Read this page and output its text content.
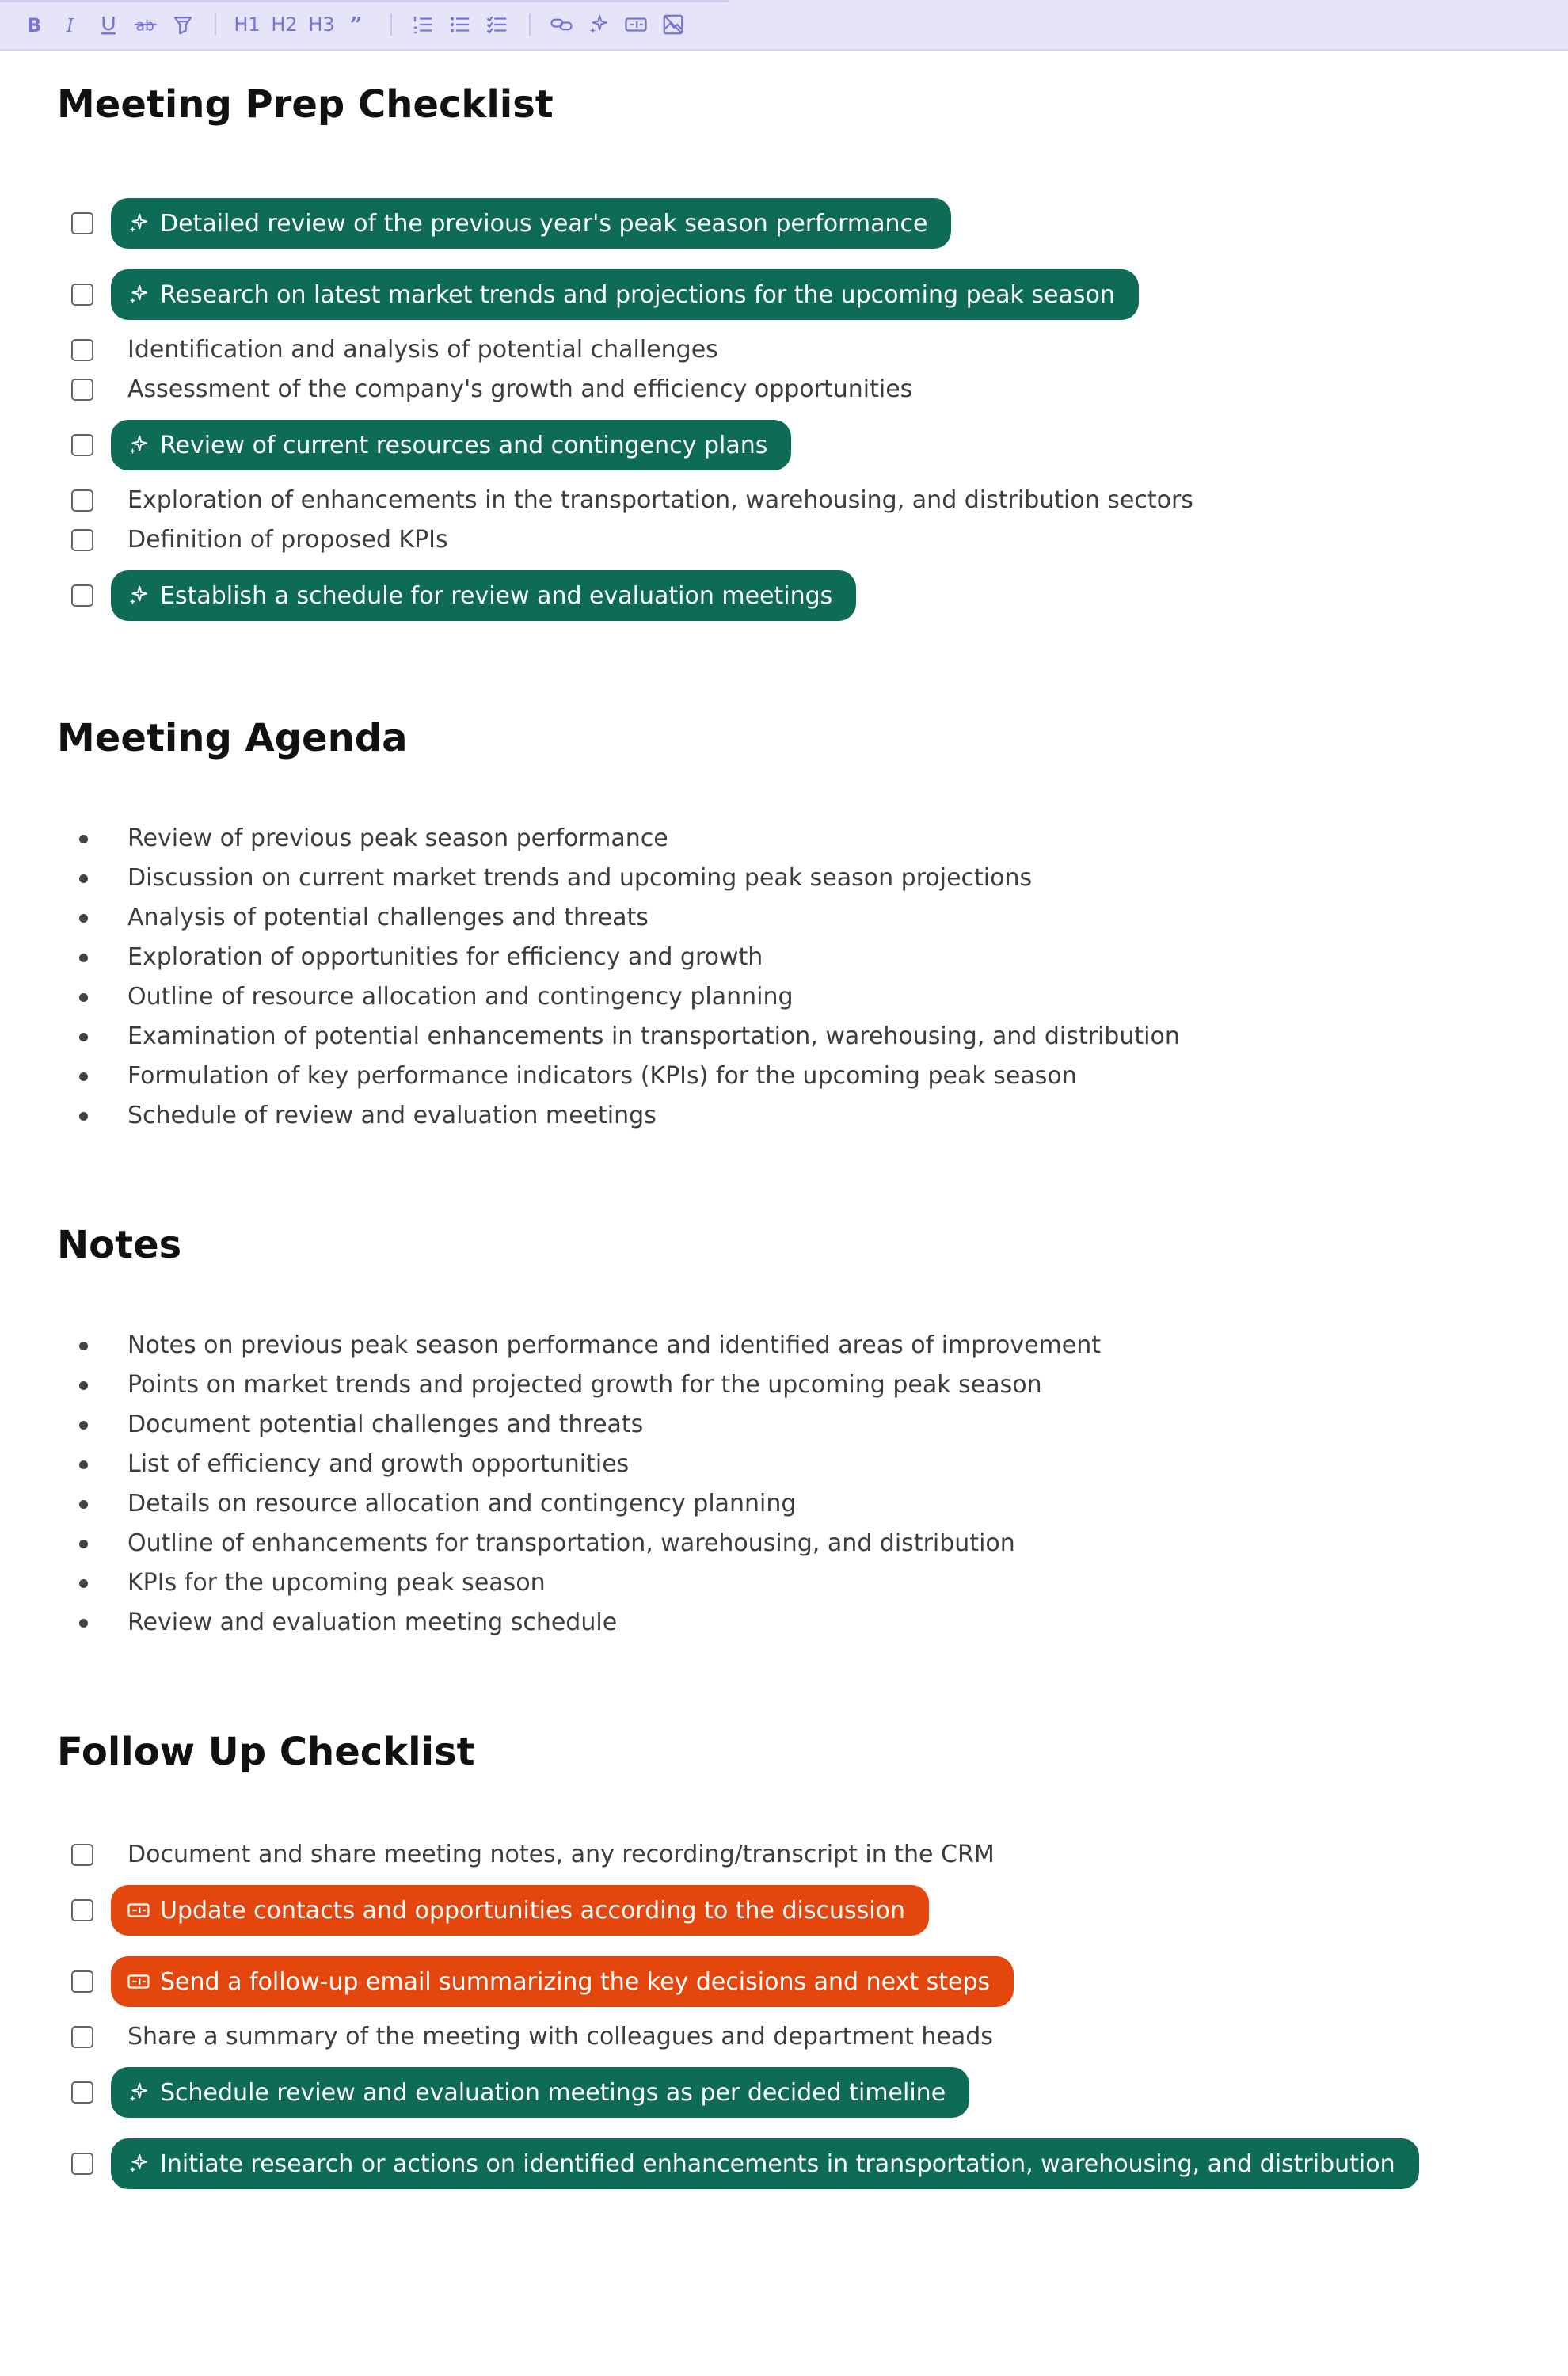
B I	ab	H1 H2 H3 ”
Meeting Prep Checklist
Detailed review of the previous year's peak season performance
Research on latest market trends and projections for the upcoming peak season
Identification and analysis of potential challenges
Assessment of the company's growth and efficiency opportunities
Review of current resources and contingency plans
Exploration of enhancements in the transportation, warehousing, and distribution sectors
Definition of proposed KPIs
Establish a schedule for review and evaluation meetings
Meeting Agenda
Review of previous peak season performance
Discussion on current market trends and upcoming peak season projections
Analysis of potential challenges and threats
Exploration of opportunities for efficiency and growth
Outline of resource allocation and contingency planning
Examination of potential enhancements in transportation, warehousing, and distribution
Formulation of key performance indicators (KPIs) for the upcoming peak season
Schedule of review and evaluation meetings
Notes
Notes on previous peak season performance and identified areas of improvement
Points on market trends and projected growth for the upcoming peak season
Document potential challenges and threats
List of efficiency and growth opportunities
Details on resource allocation and contingency planning
Outline of enhancements for transportation, warehousing, and distribution
KPIs for the upcoming peak season
Review and evaluation meeting schedule
Follow Up Checklist
Document and share meeting notes, any recording/transcript in the CRM
Update contacts and opportunities according to the discussion
Send a follow-up email summarizing the key decisions and next steps
Share a summary of the meeting with colleagues and department heads
Schedule review and evaluation meetings as per decided timeline
Initiate research or actions on identified enhancements in transportation, warehousing, and distribution
